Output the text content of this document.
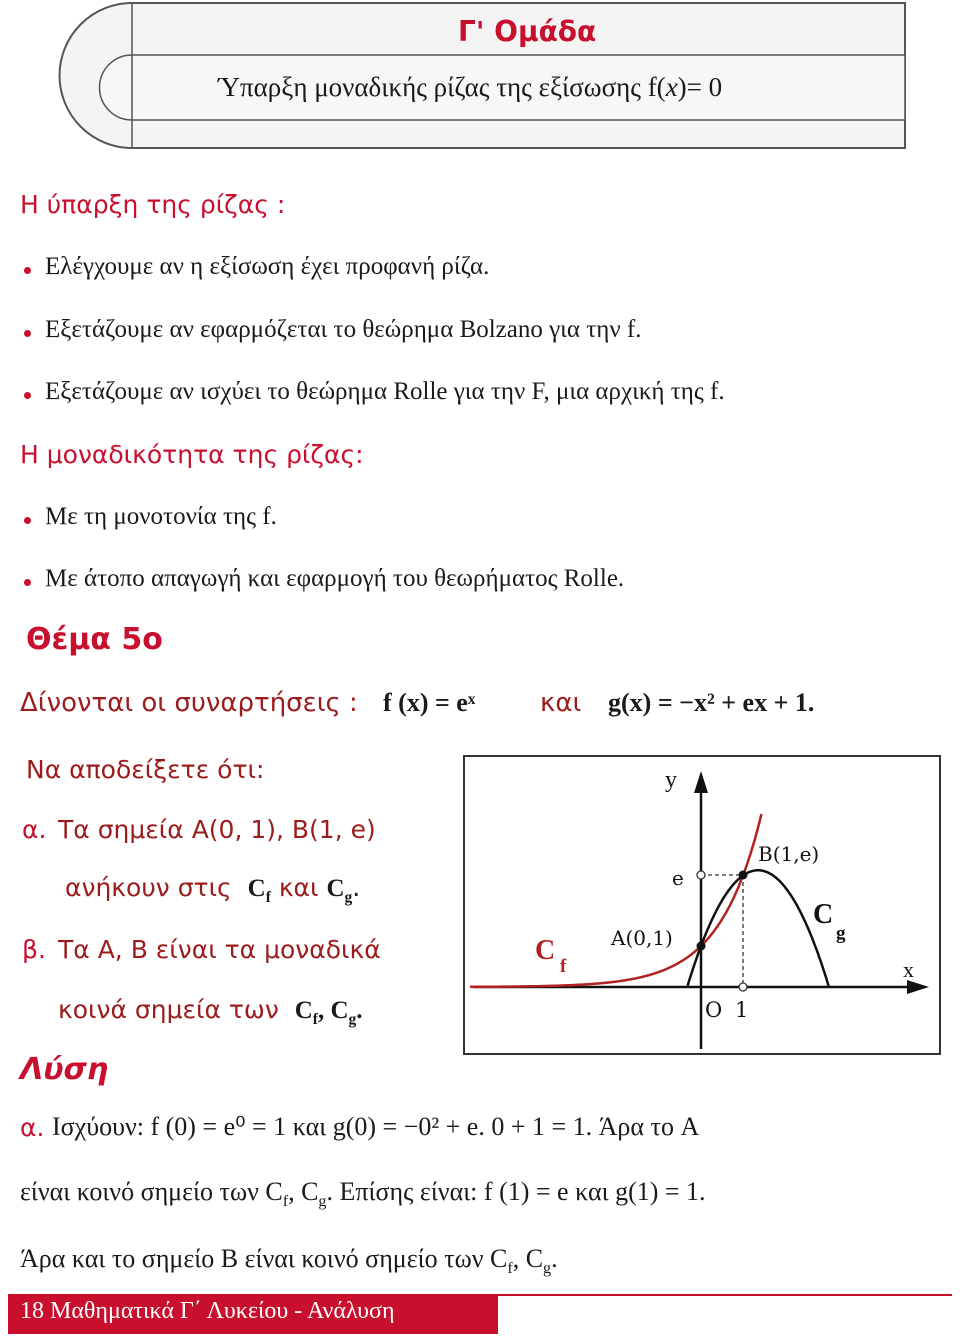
Γ' Ομάδα
Ύπαρξη μοναδικής ρίζας της εξίσωσης f(x)= 0
Η ύπαρξη της ρίζας :
Ελέγχουμε αν η εξίσωση έχει προφανή ρίζα.
Εξετάζουμε αν εφαρμόζεται το θεώρημα Bolzano για την f.
Εξετάζουμε αν ισχύει το θεώρημα Rolle για την F, μια αρχική της f.
Η μοναδικότητα της ρίζας:
Με τη μονοτονία της f.
Με άτοπο απαγωγή και εφαρμογή του θεωρήματος Rolle.
Θέμα 5ο
Δίνονται οι συναρτήσεις : f (x) = eˣ και g(x) = −x² + ex + 1.
Να αποδείξετε ότι:
α. Τα σημεία A(0, 1), B(1, e)
ανήκουν στις $C_f$ και $C_g$.
β. Τα A, B είναι τα μοναδικά
κοινά σημεία των $C_f$, $C_g$.
y
x
e
B(1,e)
A(0,1)
C
g
C
f
O 1
Λύση
α. Ισχύουν: f (0) = e⁰ = 1 και g(0) = −0² + e. 0 + 1 = 1. Άρα το A
είναι κοινό σημείο των $C_f$, $C_g$. Επίσης είναι: f (1) = e και g(1) = 1.
Άρα και το σημείο B είναι κοινό σημείο των $C_f$, $C_g$.
18 Μαθηματικά Γ΄ Λυκείου - Ανάλυση
